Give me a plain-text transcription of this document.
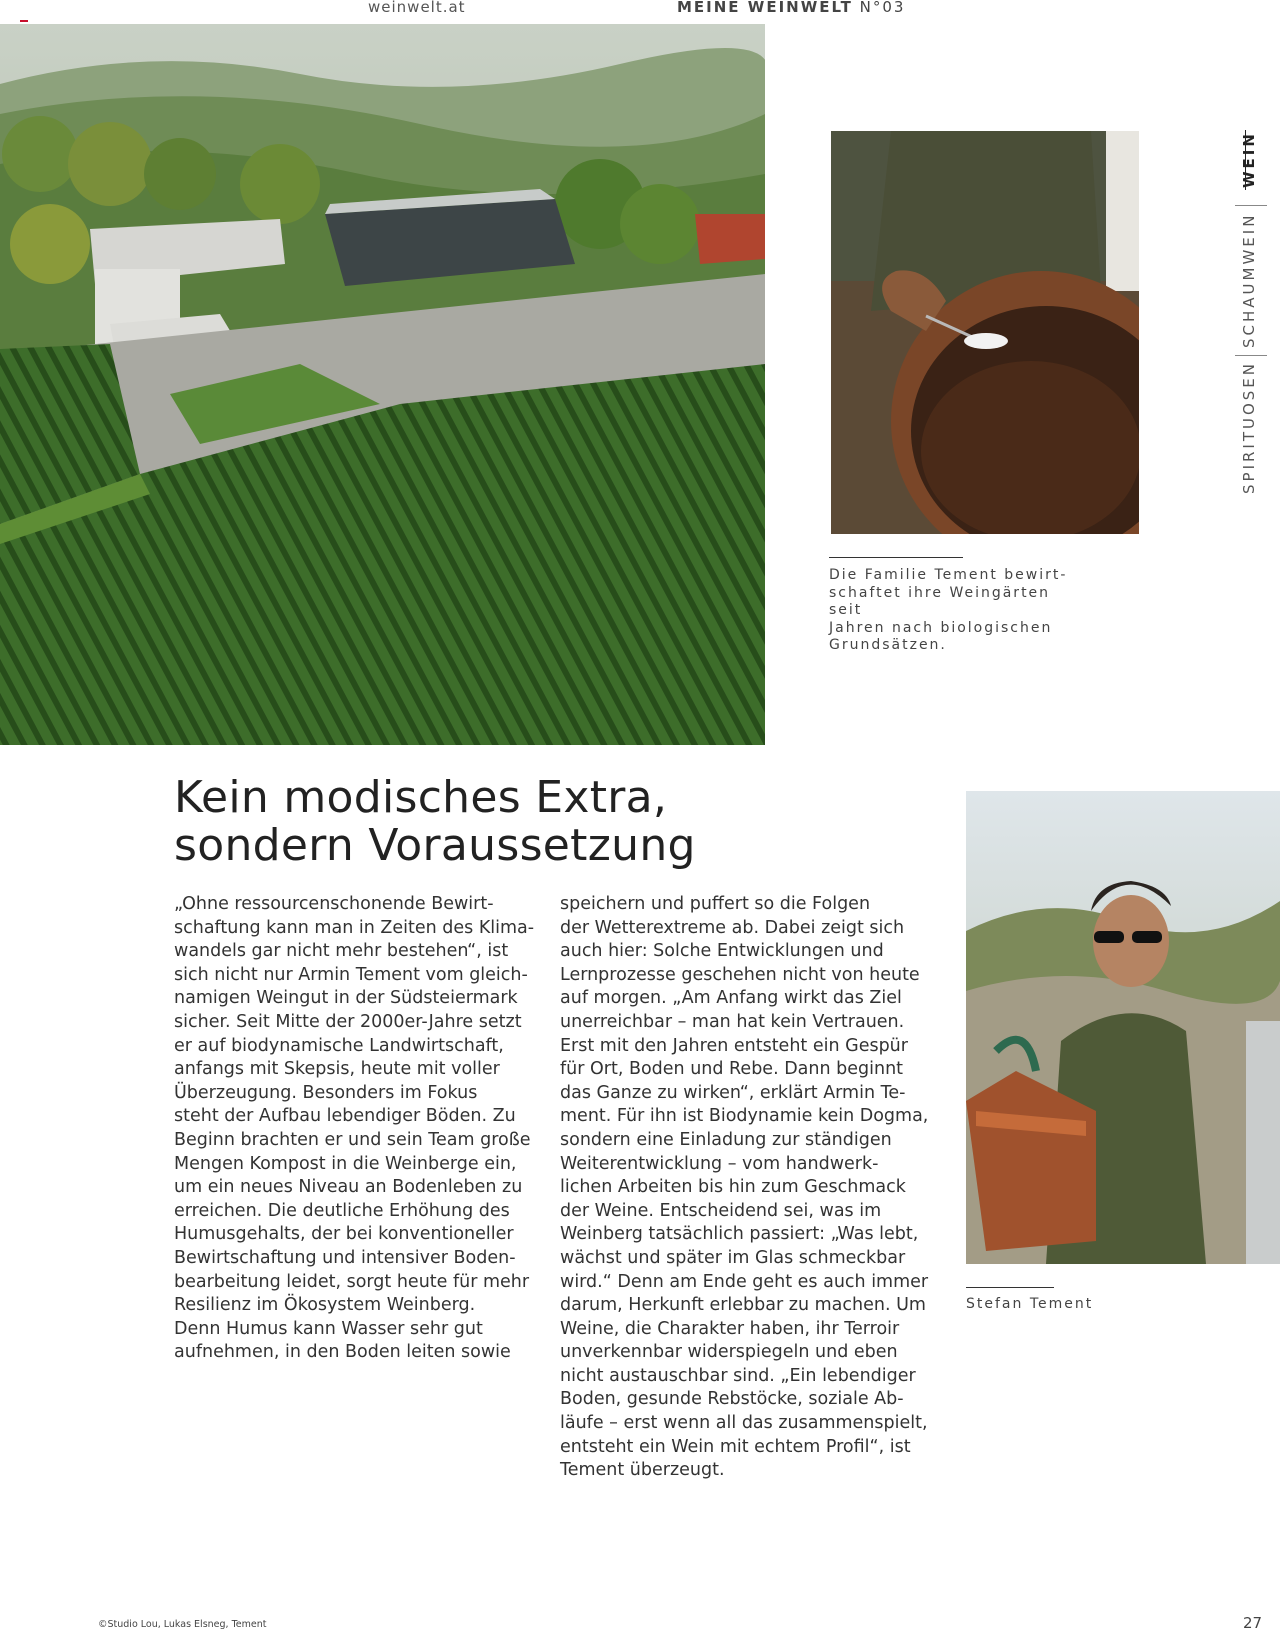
weinwelt.at	MEINE WEINWELT N°03
Die Familie Tement bewirt-
schaftet ihre Weingärten seit
Jahren nach biologischen
Grundsätzen.
WEIN
SCHAUMWEIN
SPIRITUOSEN
Kein modisches Extra,
sondern Voraussetzung
„Ohne ressourcenschonende Bewirt-
schaftung kann man in Zeiten des Klima-
wandels gar nicht mehr bestehen“, ist
sich nicht nur Armin Tement vom gleich-
namigen Weingut in der Südsteiermark
sicher. Seit Mitte der 2000er-Jahre setzt
er auf biodynamische Landwirtschaft,
anfangs mit Skepsis, heute mit voller
Überzeugung. Besonders im Fokus
steht der Aufbau lebendiger Böden. Zu
Beginn brachten er und sein Team große
Mengen Kompost in die Weinberge ein,
um ein neues Niveau an Bodenleben zu
erreichen. Die deutliche Erhöhung des
Humusgehalts, der bei konventioneller
Bewirtschaftung und intensiver Boden-
bearbeitung leidet, sorgt heute für mehr
Resilienz im Ökosystem Weinberg.
Denn Humus kann Wasser sehr gut
aufnehmen, in den Boden leiten sowie
speichern und puffert so die Folgen
der Wetterextreme ab. Dabei zeigt sich
auch hier: Solche Entwicklungen und
Lernprozesse geschehen nicht von heute
auf morgen. „Am Anfang wirkt das Ziel
unerreichbar – man hat kein Vertrauen.
Erst mit den Jahren entsteht ein Gespür
für Ort, Boden und Rebe. Dann beginnt
das Ganze zu wirken“, erklärt Armin Te-
ment. Für ihn ist Biodynamie kein Dogma,
sondern eine Einladung zur ständigen
Weiterentwicklung – vom handwerk-
lichen Arbeiten bis hin zum Geschmack
der Weine. Entscheidend sei, was im
Weinberg tatsächlich passiert: „Was lebt,
wächst und später im Glas schmeckbar
wird.“ Denn am Ende geht es auch immer
darum, Herkunft erlebbar zu machen. Um
Weine, die Charakter haben, ihr Terroir
unverkennbar widerspiegeln und eben
nicht austauschbar sind. „Ein lebendiger
Boden, gesunde Rebstöcke, soziale Ab-
läufe – erst wenn all das zusammenspielt,
entsteht ein Wein mit echtem Profil“, ist
Tement überzeugt.
Stefan Tement
©Studio Lou, Lukas Elsneg, Tement	27
